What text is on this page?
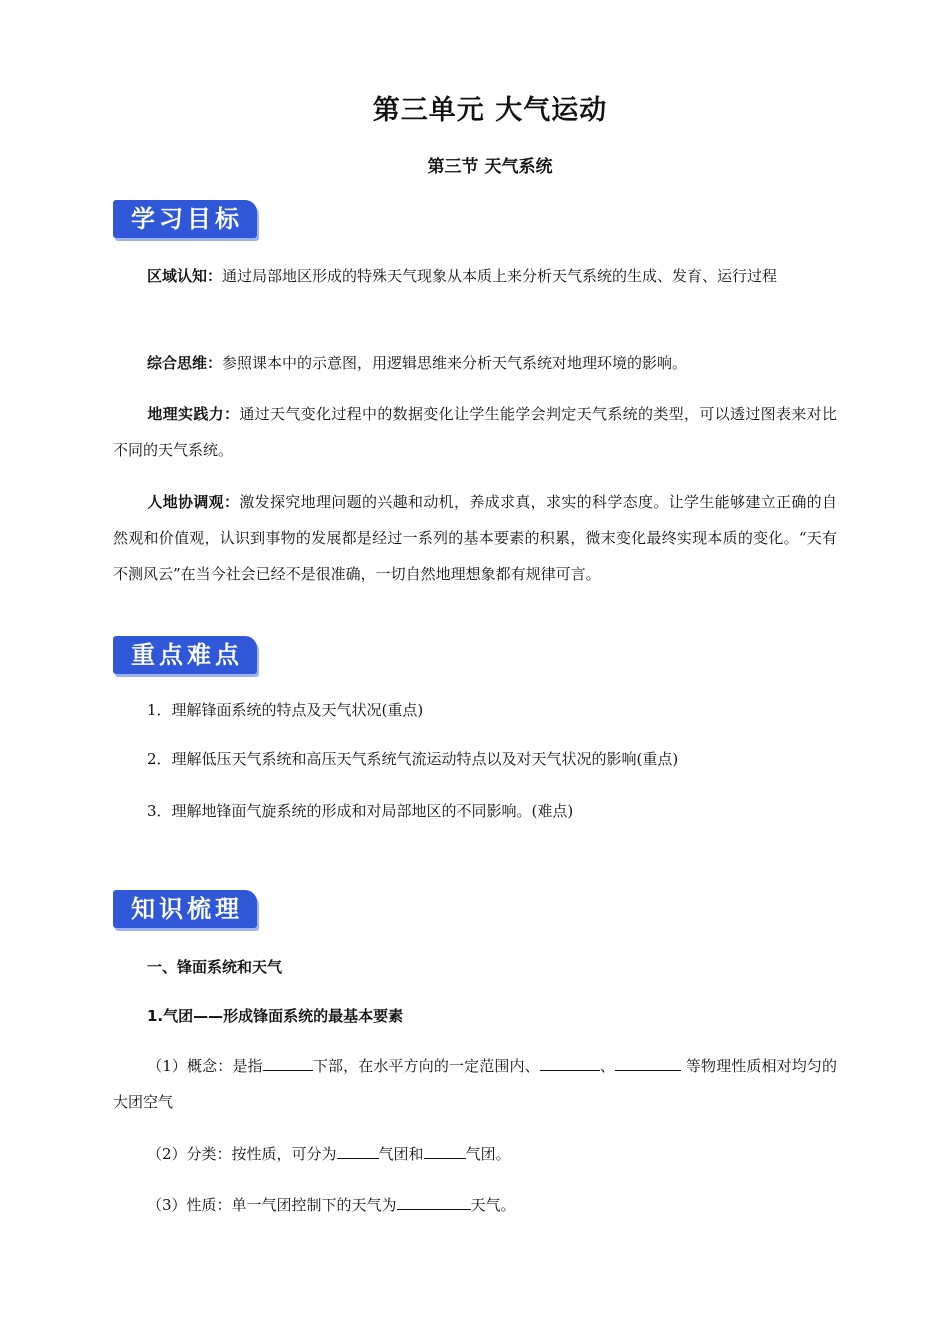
第三单元 大气运动
第三节 天气系统
学习目标
区域认知：通过局部地区形成的特殊天气现象从本质上来分析天气系统的生成、发育、运行过程
综合思维：参照课本中的示意图，用逻辑思维来分析天气系统对地理环境的影响。
地理实践力：通过天气变化过程中的数据变化让学生能学会判定天气系统的类型，可以透过图表来对比不同的天气系统。
人地协调观：激发探究地理问题的兴趣和动机，养成求真，求实的科学态度。让学生能够建立正确的自然观和价值观，认识到事物的发展都是经过一系列的基本要素的积累，微末变化最终实现本质的变化。“天有不测风云”在当今社会已经不是很准确，一切自然地理想象都有规律可言。
重点难点
1．理解锋面系统的特点及天气状况(重点)
2．理解低压天气系统和高压天气系统气流运动特点以及对天气状况的影响(重点)
3．理解地锋面气旋系统的形成和对局部地区的不同影响。(难点)
知识梳理
一、锋面系统和天气
1.气团——形成锋面系统的最基本要素
（1）概念：是指	下部，在水平方向的一定范围内、	、	等物理性质相对均匀的大团空气
（2）分类：按性质，可分为	气团和	气团。
（3）性质：单一气团控制下的天气为	天气。
